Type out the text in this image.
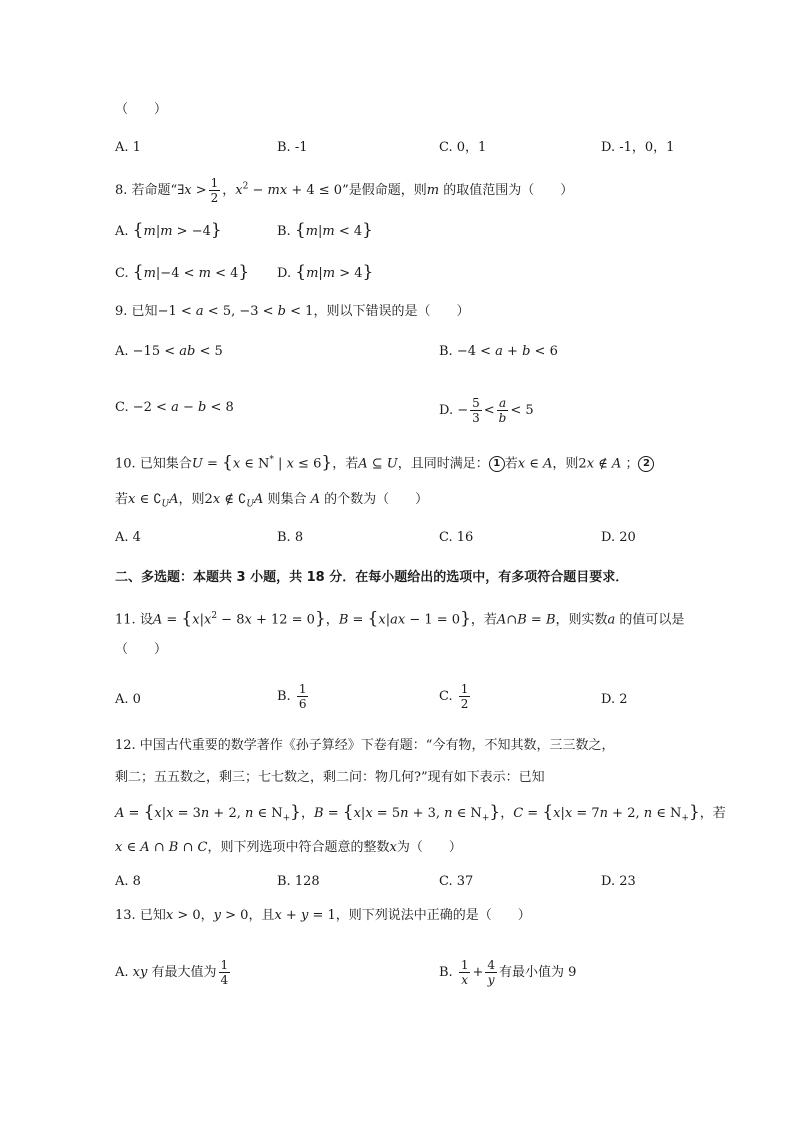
（　　）
A. 1	B. -1	C. 0，1	D. -1，0，1
8. 若命题“∃x > $\frac{1}{2}$ ，$x^2$ − mx + 4 ≤ 0”是假命题，则m 的取值范围为（　　）
A. {m|m > −4}	B. {m|m < 4}
C. {m|−4 < m < 4} D. {m|m > 4}
9. 已知−1 < a < 5, −3 < b < 1，则以下错误的是（　　）
A. −15 < ab < 5	B. −4 < a + b < 6
C. −2 < a − b < 8	D. − $\frac{5}{3} < \frac{a}{b} < 5$
10. 已知集合U = {x ∈ N* | x ≤ 6}，若A ⊆ U，且同时满足： 1 若x ∈ A，则2x ∉ A ； 2
若x ∈ $∁_UA$，则2x ∉ $∁_UA$ 则集合 A 的个数为（　　）
A. 4	B. 8	C. 16	D. 20
二、多选题：本题共 3 小题，共 18 分．在每小题给出的选项中，有多项符合题目要求．
11. 设$A = \{x|x^2 - 8x + 12 = 0\}$，B = {x|ax − 1 = 0}，若A∩B = B，则实数a 的值可以是
（　　）
A. 0	B. $\frac{1}{6}$	C. $\frac{1}{2}$	D. 2
12. 中国古代重要的数学著作《孙子算经》下卷有题：“今有物，不知其数，三三数之，
剩二；五五数之，剩三；七七数之，剩二问：物几何?”现有如下表示：已知
A = {x|x = 3n + 2, n ∈ $N_+$}，B = {x|x = 5n + 3, n ∈ $N_+$}，C = {x|x = 7n + 2, n ∈ $N_+$}，若
x ∈ A ∩ B ∩ C，则下列选项中符合题意的整数x为（　　）
A. 8	B. 128	C. 37	D. 23
13. 已知x > 0，y > 0，且x + y = 1，则下列说法中正确的是（　　）
A. xy 有最大值为 $\frac{1}{4}$	B. $\frac{1}{x} + \frac{4}{y}$ 有最小值为 9
